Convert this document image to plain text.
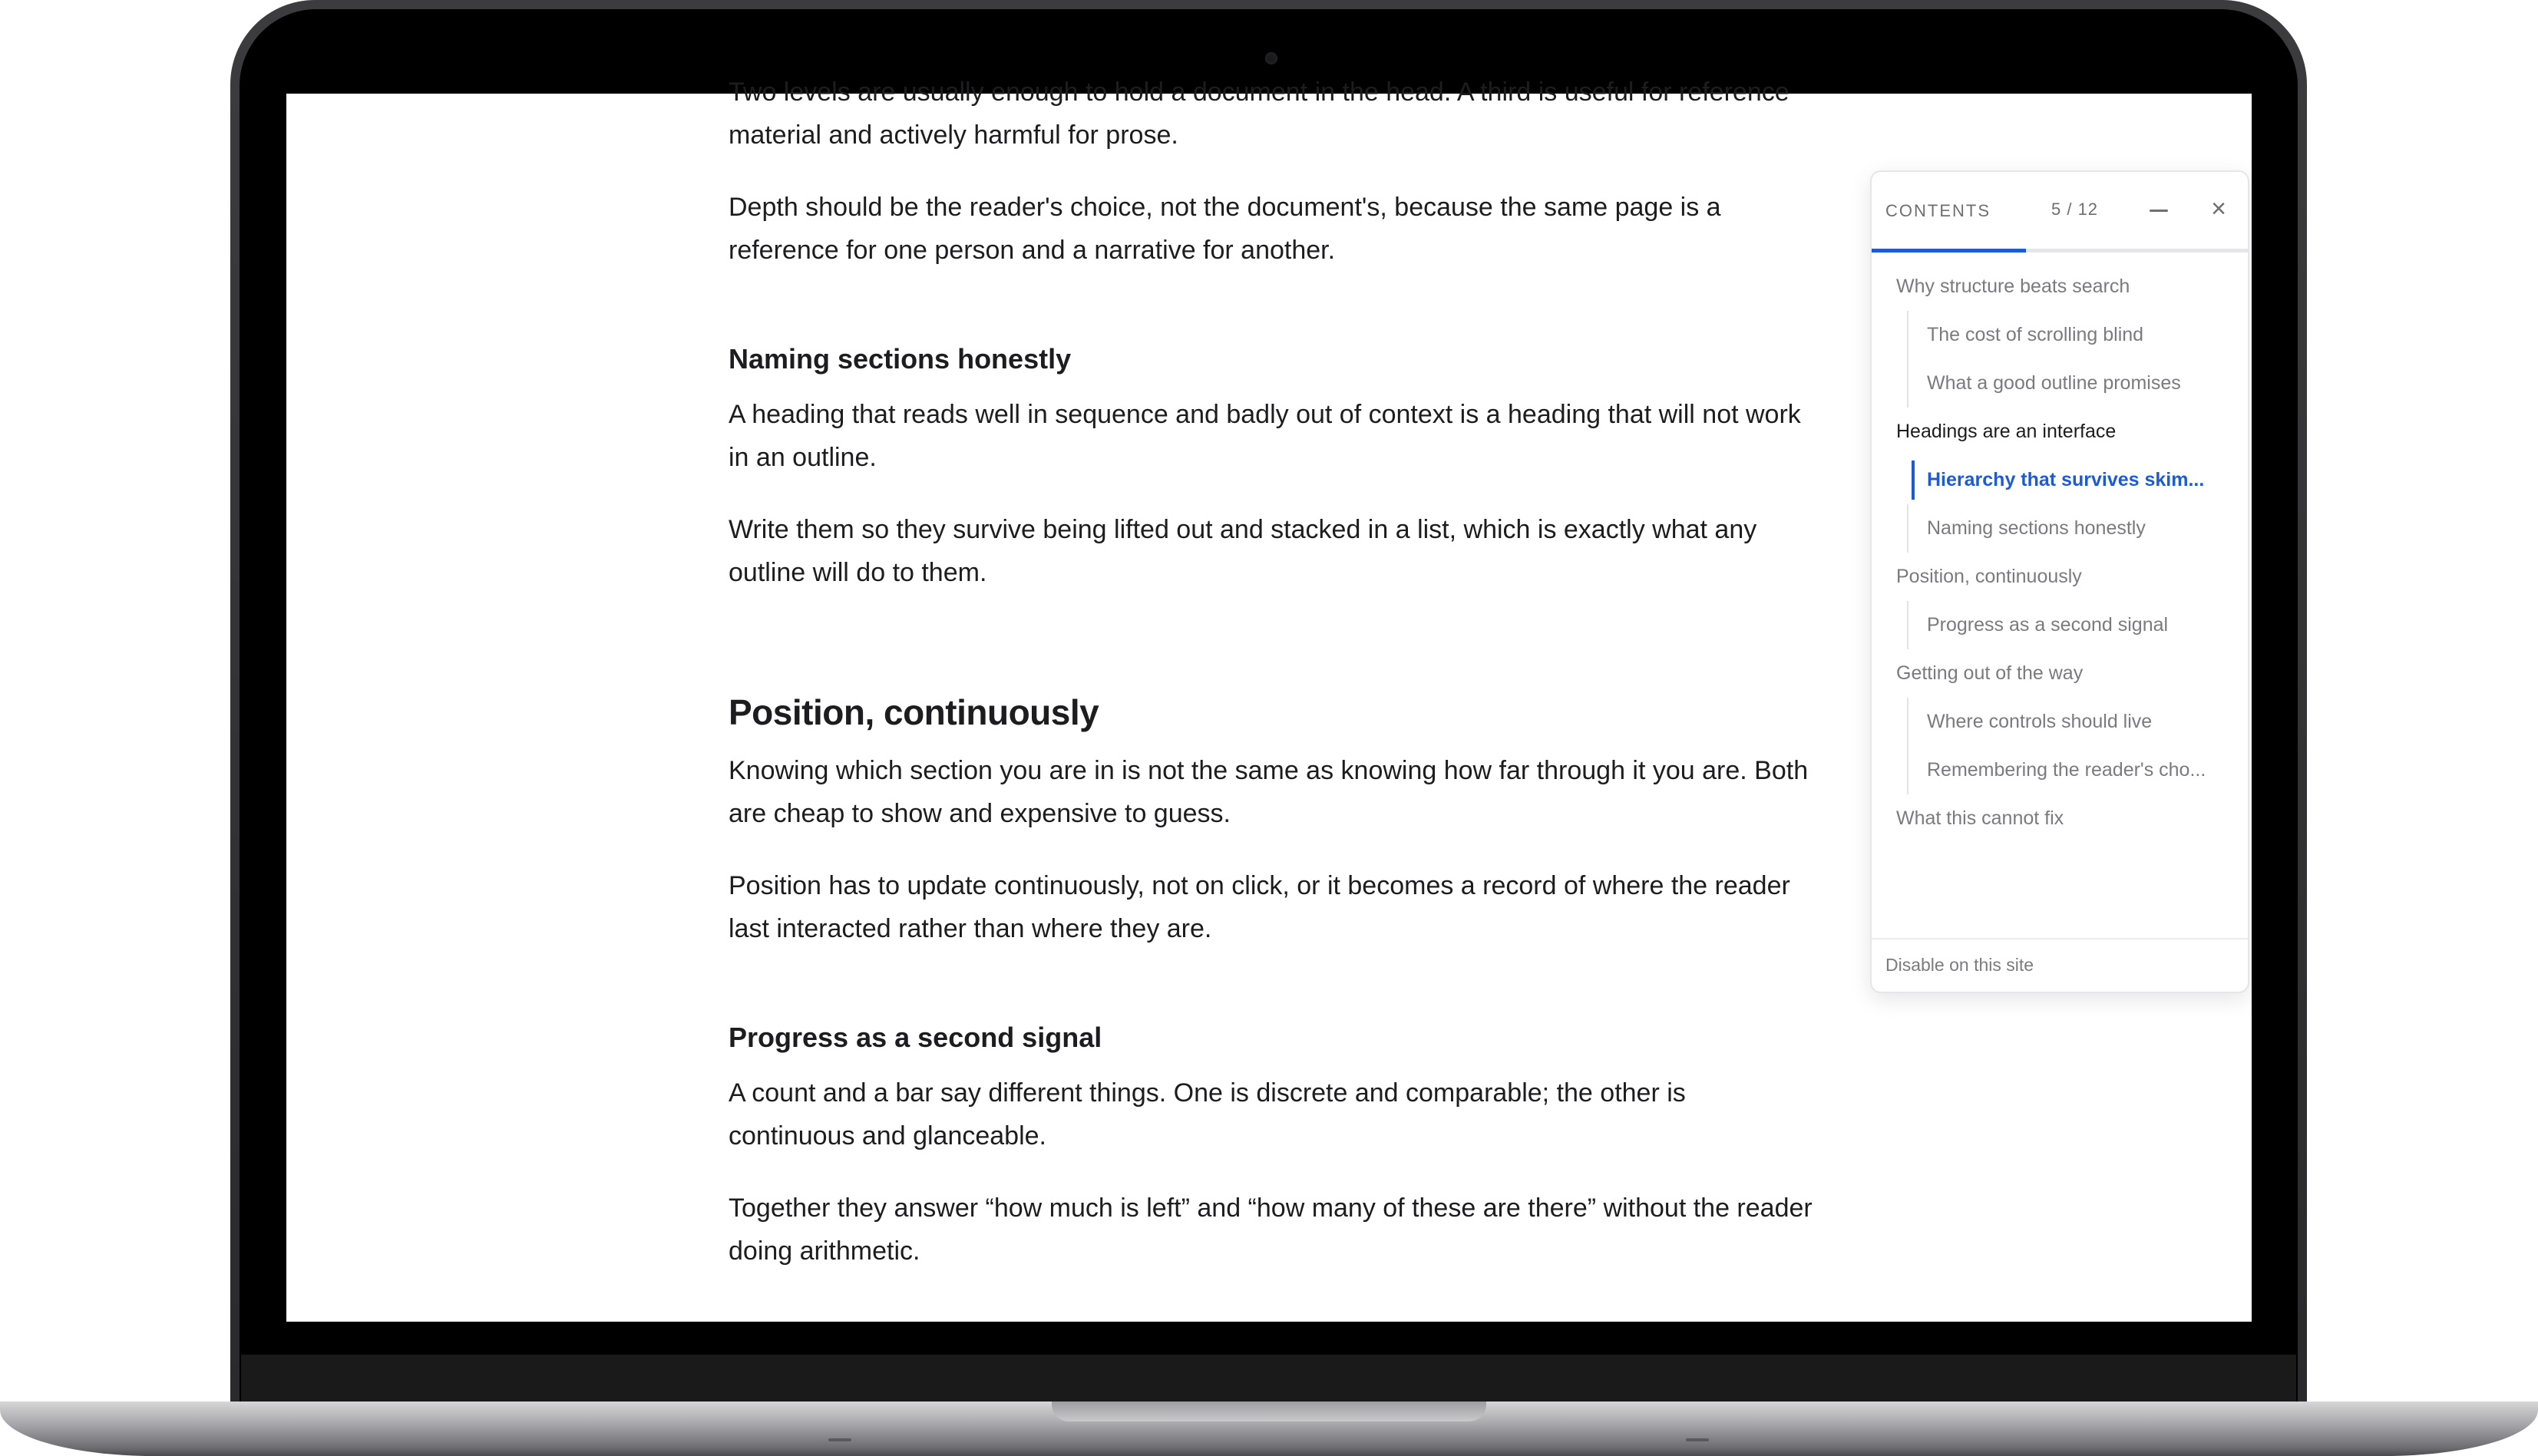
Two levels are usually enough to hold a document in the head. A third is useful for reference material and actively harmful for prose.

Depth should be the reader's choice, not the document's, because the same page is a reference for one person and a narrative for another.

Naming sections honestly

A heading that reads well in sequence and badly out of context is a heading that will not work in an outline.

Write them so they survive being lifted out and stacked in a list, which is exactly what any outline will do to them.

Position, continuously

Knowing which section you are in is not the same as knowing how far through it you are. Both are cheap to show and expensive to guess.

Position has to update continuously, not on click, or it becomes a record of where the reader last interacted rather than where they are.

Progress as a second signal

A count and a bar say different things. One is discrete and comparable; the other is continuous and glanceable.

Together they answer “how much is left” and “how many of these are there” without the reader doing arithmetic.

CONTENTS	5 / 12	×
Why structure beats search
The cost of scrolling blind
What a good outline promises
Headings are an interface
Hierarchy that survives skim...
Naming sections honestly
Position, continuously
Progress as a second signal
Getting out of the way
Where controls should live
Remembering the reader's cho...
What this cannot fix
Disable on this site
